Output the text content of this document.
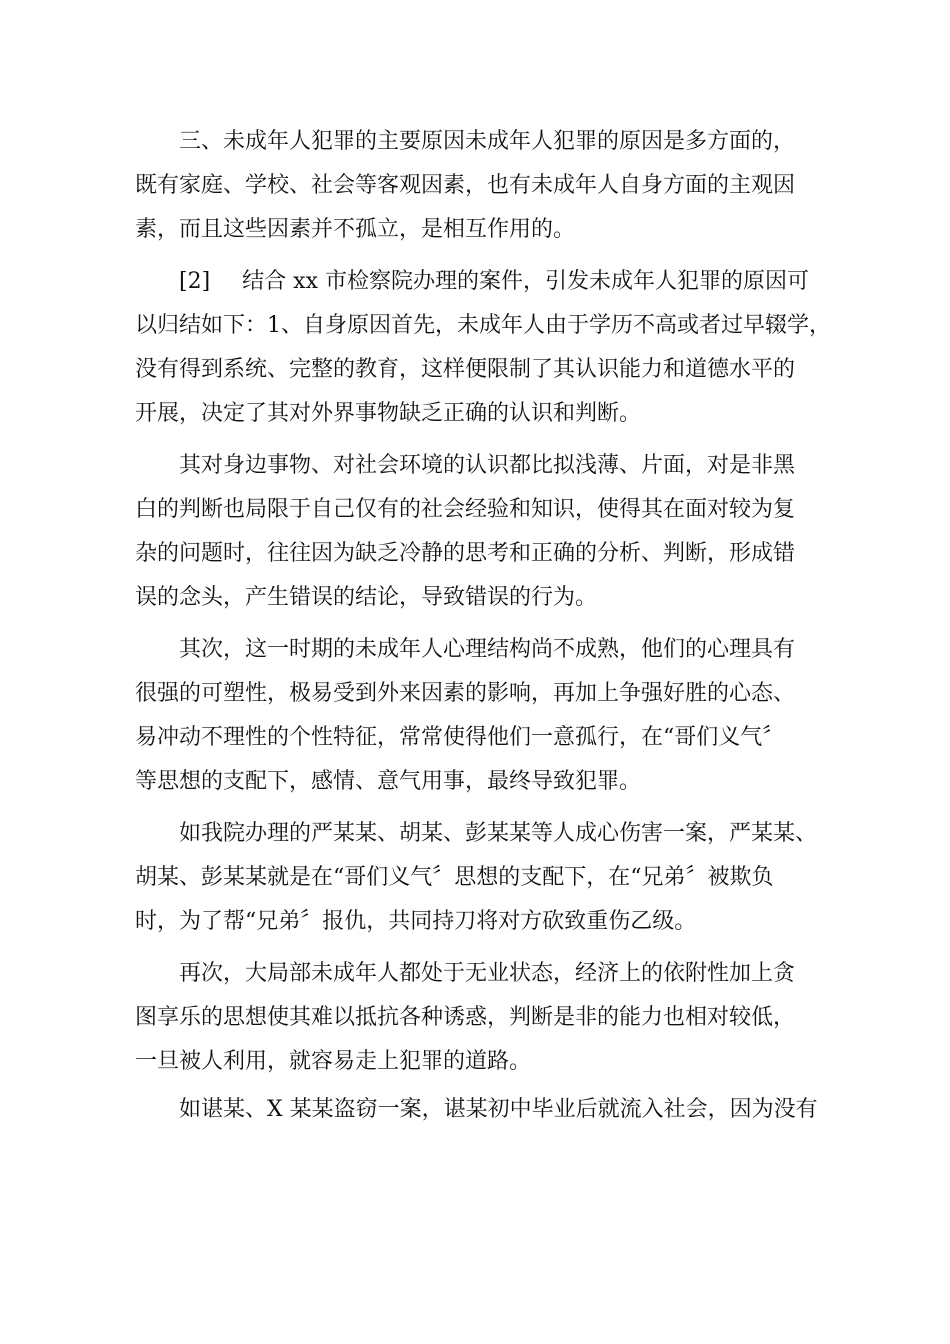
三、未成年人犯罪的主要原因未成年人犯罪的原因是多方面的，
既有家庭、学校、社会等客观因素，也有未成年人自身方面的主观因
素，而且这些因素并不孤立，是相互作用的。
[2] 结合 xx 市检察院办理的案件，引发未成年人犯罪的原因可
以归结如下：1、自身原因首先，未成年人由于学历不高或者过早辍学，
没有得到系统、完整的教育，这样便限制了其认识能力和道德水平的
开展，决定了其对外界事物缺乏正确的认识和判断。
其对身边事物、对社会环境的认识都比拟浅薄、片面，对是非黑
白的判断也局限于自己仅有的社会经验和知识，使得其在面对较为复
杂的问题时，往往因为缺乏冷静的思考和正确的分析、判断，形成错
误的念头，产生错误的结论，导致错误的行为。
其次，这一时期的未成年人心理结构尚不成熟，他们的心理具有
很强的可塑性，极易受到外来因素的影响，再加上争强好胜的心态、
易冲动不理性的个性特征，常常使得他们一意孤行，在“哥们义气〞
等思想的支配下，感情、意气用事，最终导致犯罪。
如我院办理的严某某、胡某、彭某某等人成心伤害一案，严某某、
胡某、彭某某就是在“哥们义气〞思想的支配下，在“兄弟〞被欺负
时，为了帮“兄弟〞报仇，共同持刀将对方砍致重伤乙级。
再次，大局部未成年人都处于无业状态，经济上的依附性加上贪
图享乐的思想使其难以抵抗各种诱惑，判断是非的能力也相对较低，
一旦被人利用，就容易走上犯罪的道路。
如谌某、X 某某盗窃一案，谌某初中毕业后就流入社会，因为没有
